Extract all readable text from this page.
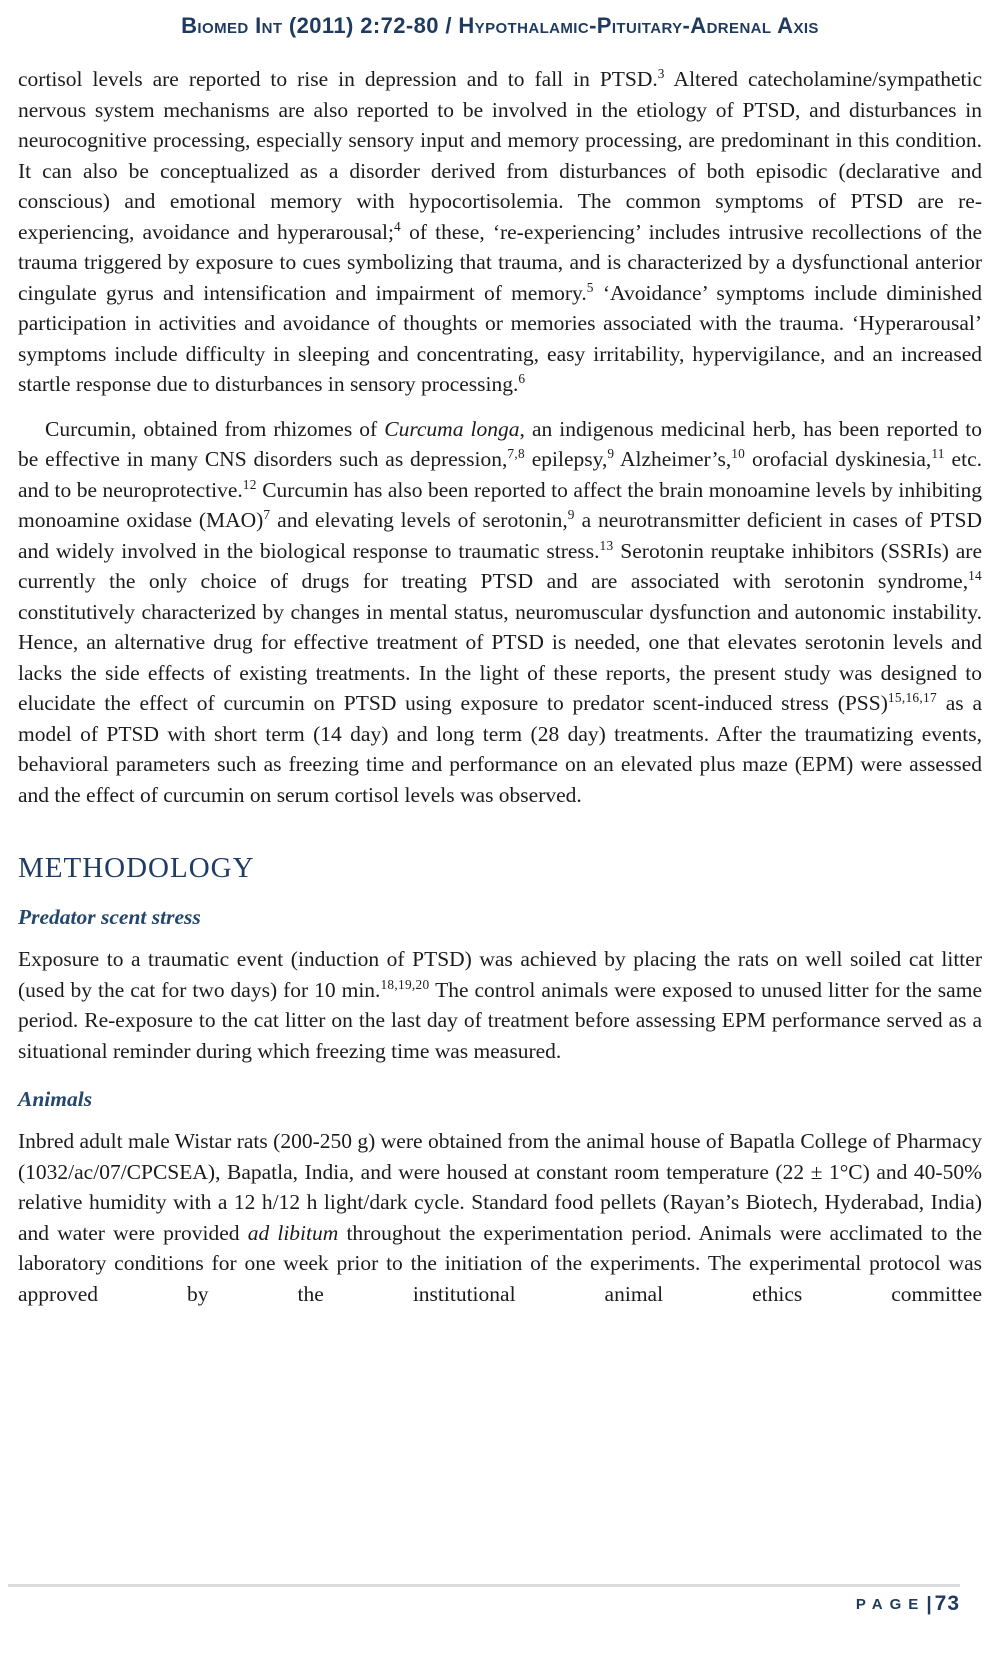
Biomed Int (2011) 2:72-80 / Hypothalamic-Pituitary-Adrenal Axis

cortisol levels are reported to rise in depression and to fall in PTSD.$^3$ Altered catecholamine/sympathetic nervous system mechanisms are also reported to be involved in the etiology of PTSD, and disturbances in neurocognitive processing, especially sensory input and memory processing, are predominant in this condition. It can also be conceptualized as a disorder derived from disturbances of both episodic (declarative and conscious) and emotional memory with hypocortisolemia. The common symptoms of PTSD are re-experiencing, avoidance and hyperarousal;$^4$ of these, ‘re-experiencing’ includes intrusive recollections of the trauma triggered by exposure to cues symbolizing that trauma, and is characterized by a dysfunctional anterior cingulate gyrus and intensification and impairment of memory.$^5$ ‘Avoidance’ symptoms include diminished participation in activities and avoidance of thoughts or memories associated with the trauma. ‘Hyperarousal’ symptoms include difficulty in sleeping and concentrating, easy irritability, hypervigilance, and an increased startle response due to disturbances in sensory processing.$^6$

Curcumin, obtained from rhizomes of Curcuma longa, an indigenous medicinal herb, has been reported to be effective in many CNS disorders such as depression,$^{7,8}$ epilepsy,$^9$ Alzheimer’s,$^{10}$ orofacial dyskinesia,$^{11}$ etc. and to be neuroprotective.$^{12}$ Curcumin has also been reported to affect the brain monoamine levels by inhibiting monoamine oxidase (MAO)$^7$ and elevating levels of serotonin,$^9$ a neurotransmitter deficient in cases of PTSD and widely involved in the biological response to traumatic stress.$^{13}$ Serotonin reuptake inhibitors (SSRIs) are currently the only choice of drugs for treating PTSD and are associated with serotonin syndrome,$^{14}$ constitutively characterized by changes in mental status, neuromuscular dysfunction and autonomic instability. Hence, an alternative drug for effective treatment of PTSD is needed, one that elevates serotonin levels and lacks the side effects of existing treatments. In the light of these reports, the present study was designed to elucidate the effect of curcumin on PTSD using exposure to predator scent-induced stress (PSS)$^{15,16,17}$ as a model of PTSD with short term (14 day) and long term (28 day) treatments. After the traumatizing events, behavioral parameters such as freezing time and performance on an elevated plus maze (EPM) were assessed and the effect of curcumin on serum cortisol levels was observed.

METHODOLOGY
Predator scent stress

Exposure to a traumatic event (induction of PTSD) was achieved by placing the rats on well soiled cat litter (used by the cat for two days) for 10 min.$^{18,19,20}$ The control animals were exposed to unused litter for the same period. Re-exposure to the cat litter on the last day of treatment before assessing EPM performance served as a situational reminder during which freezing time was measured.

Animals

Inbred adult male Wistar rats (200-250 g) were obtained from the animal house of Bapatla College of Pharmacy (1032/ac/07/CPCSEA), Bapatla, India, and were housed at constant room temperature (22 ± 1°C) and 40-50% relative humidity with a 12 h/12 h light/dark cycle. Standard food pellets (Rayan’s Biotech, Hyderabad, India) and water were provided ad libitum throughout the experimentation period. Animals were acclimated to the laboratory conditions for one week prior to the initiation of the experiments. The experimental protocol was approved by the institutional animal ethics committee

PAGE| 73
